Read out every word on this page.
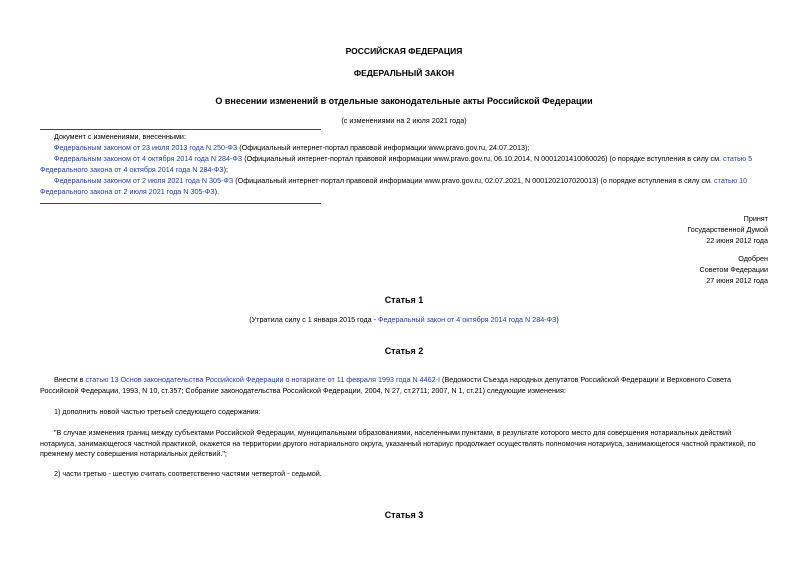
РОССИЙСКАЯ ФЕДЕРАЦИЯ
ФЕДЕРАЛЬНЫЙ ЗАКОН
О внесении изменений в отдельные законодательные акты Российской Федерации
(с изменениями на 2 июля 2021 года)
Документ с изменениями, внесенными:
Федеральным законом от 23 июля 2013 года N 250-ФЗ (Официальный интернет-портал правовой информации www.pravo.gov.ru, 24.07.2013);
Федеральным законом от 4 октября 2014 года N 284-ФЗ (Официальный интернет-портал правовой информации www.pravo.gov.ru, 06.10.2014, N 0001201410060026) (о порядке вступления в силу см. статью 5 Федерального закона от 4 октября 2014 года N 284-ФЗ);
Федеральным законом от 2 июля 2021 года N 305-ФЗ (Официальный интернет-портал правовой информации www.pravo.gov.ru, 02.07.2021, N 0001202107020013) (о порядке вступления в силу см. статью 10 Федерального закона от 2 июля 2021 года N 305-ФЗ).
Принят
Государственной Думой
22 июня 2012 года
Одобрен
Советом Федерации
27 июня 2012 года
Статья 1
(Утратила силу с 1 января 2015 года - Федеральный закон от 4 октября 2014 года N 284-ФЗ)
Статья 2
Внести в статью 13 Основ законодательства Российской Федерации о нотариате от 11 февраля 1993 года N 4462-I (Ведомости Съезда народных депутатов Российской Федерации и Верховного Совета Российской Федерации, 1993, N 10, ст.357; Собрание законодательства Российской Федерации, 2004, N 27, ст.2711; 2007, N 1, ст.21) следующие изменения:
1) дополнить новой частью третьей следующего содержания:
"В случае изменения границ между субъектами Российской Федерации, муниципальными образованиями, населенными пунктами, в результате которого место для совершения нотариальных действий нотариуса, занимающегося частной практикой, окажется на территории другого нотариального округа, указанный нотариус продолжает осуществлять полномочия нотариуса, занимающегося частной практикой, по прежнему месту совершения нотариальных действий.";
2) части третью - шестую считать соответственно частями четвертой - седьмой.
Статья 3
